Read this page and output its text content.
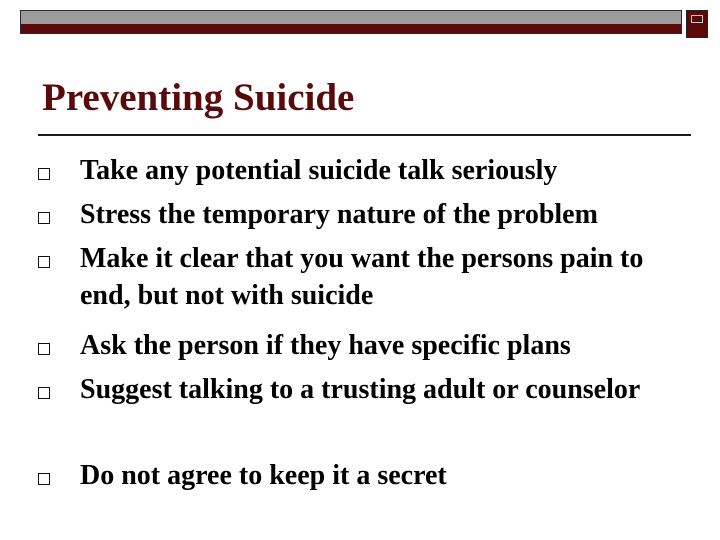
Preventing Suicide
Take any potential suicide talk seriously
Stress the temporary nature of the problem
Make it clear that you want the persons pain to end, but not with suicide
Ask the person if they have specific plans
Suggest talking to a trusting adult or counselor
Do not agree to keep it a secret
